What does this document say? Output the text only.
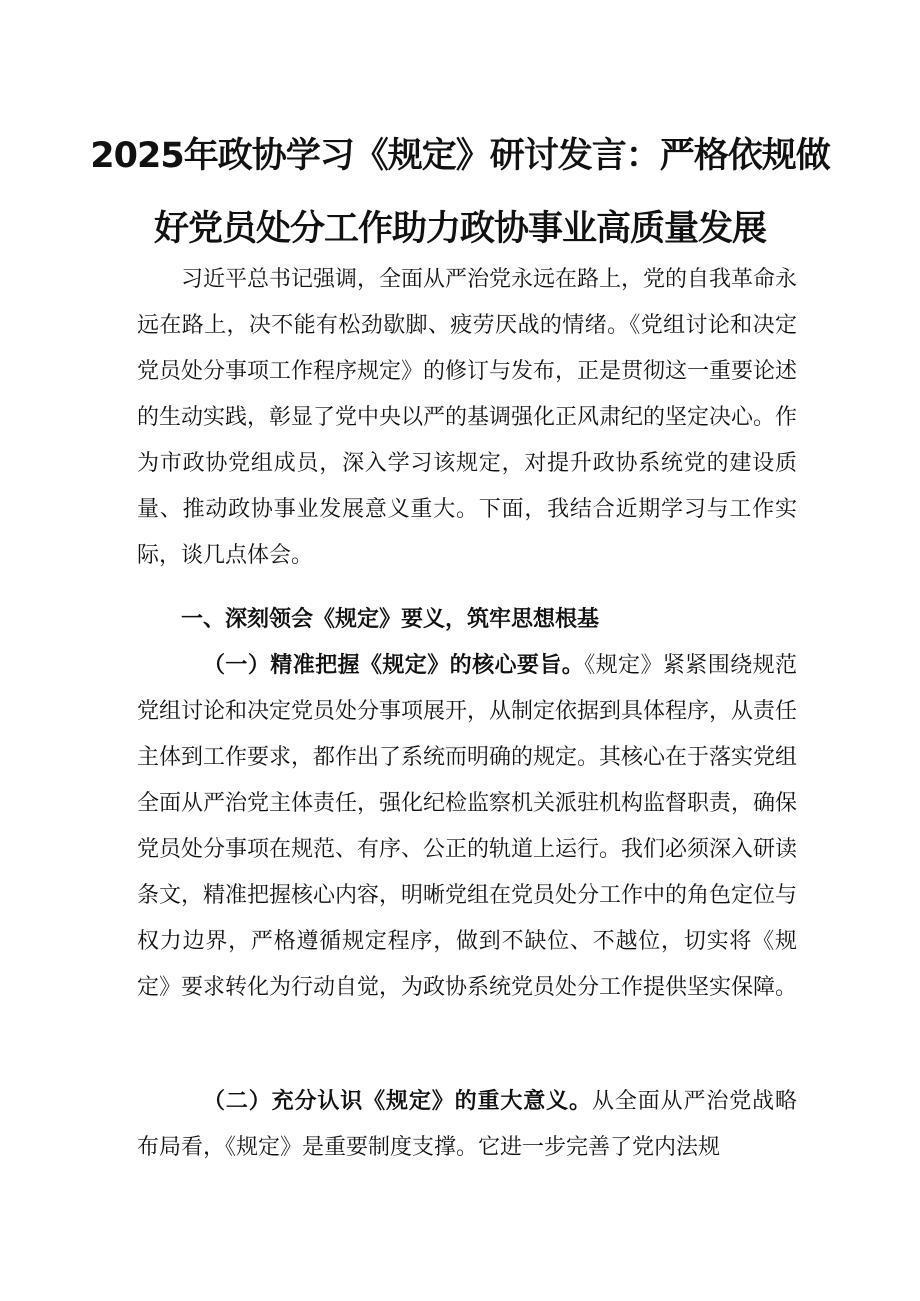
2025年政协学习《规定》研讨发言：严格依规做
好党员处分工作助力政协事业高质量发展

习近平总书记强调，全面从严治党永远在路上，党的自我革命永远在路上，决不能有松劲歇脚、疲劳厌战的情绪。《党组讨论和决定党员处分事项工作程序规定》的修订与发布，正是贯彻这一重要论述的生动实践，彰显了党中央以严的基调强化正风肃纪的坚定决心。作为市政协党组成员，深入学习该规定，对提升政协系统党的建设质量、推动政协事业发展意义重大。下面，我结合近期学习与工作实际，谈几点体会。

一、深刻领会《规定》要义，筑牢思想根基

（一）精准把握《规定》的核心要旨。《规定》紧紧围绕规范党组讨论和决定党员处分事项展开，从制定依据到具体程序，从责任主体到工作要求，都作出了系统而明确的规定。其核心在于落实党组全面从严治党主体责任，强化纪检监察机关派驻机构监督职责，确保党员处分事项在规范、有序、公正的轨道上运行。我们必须深入研读条文，精准把握核心内容，明晰党组在党员处分工作中的角色定位与权力边界，严格遵循规定程序，做到不缺位、不越位，切实将《规定》要求转化为行动自觉，为政协系统党员处分工作提供坚实保障。

（二）充分认识《规定》的重大意义。从全面从严治党战略布局看，《规定》是重要制度支撑。它进一步完善了党内法规
